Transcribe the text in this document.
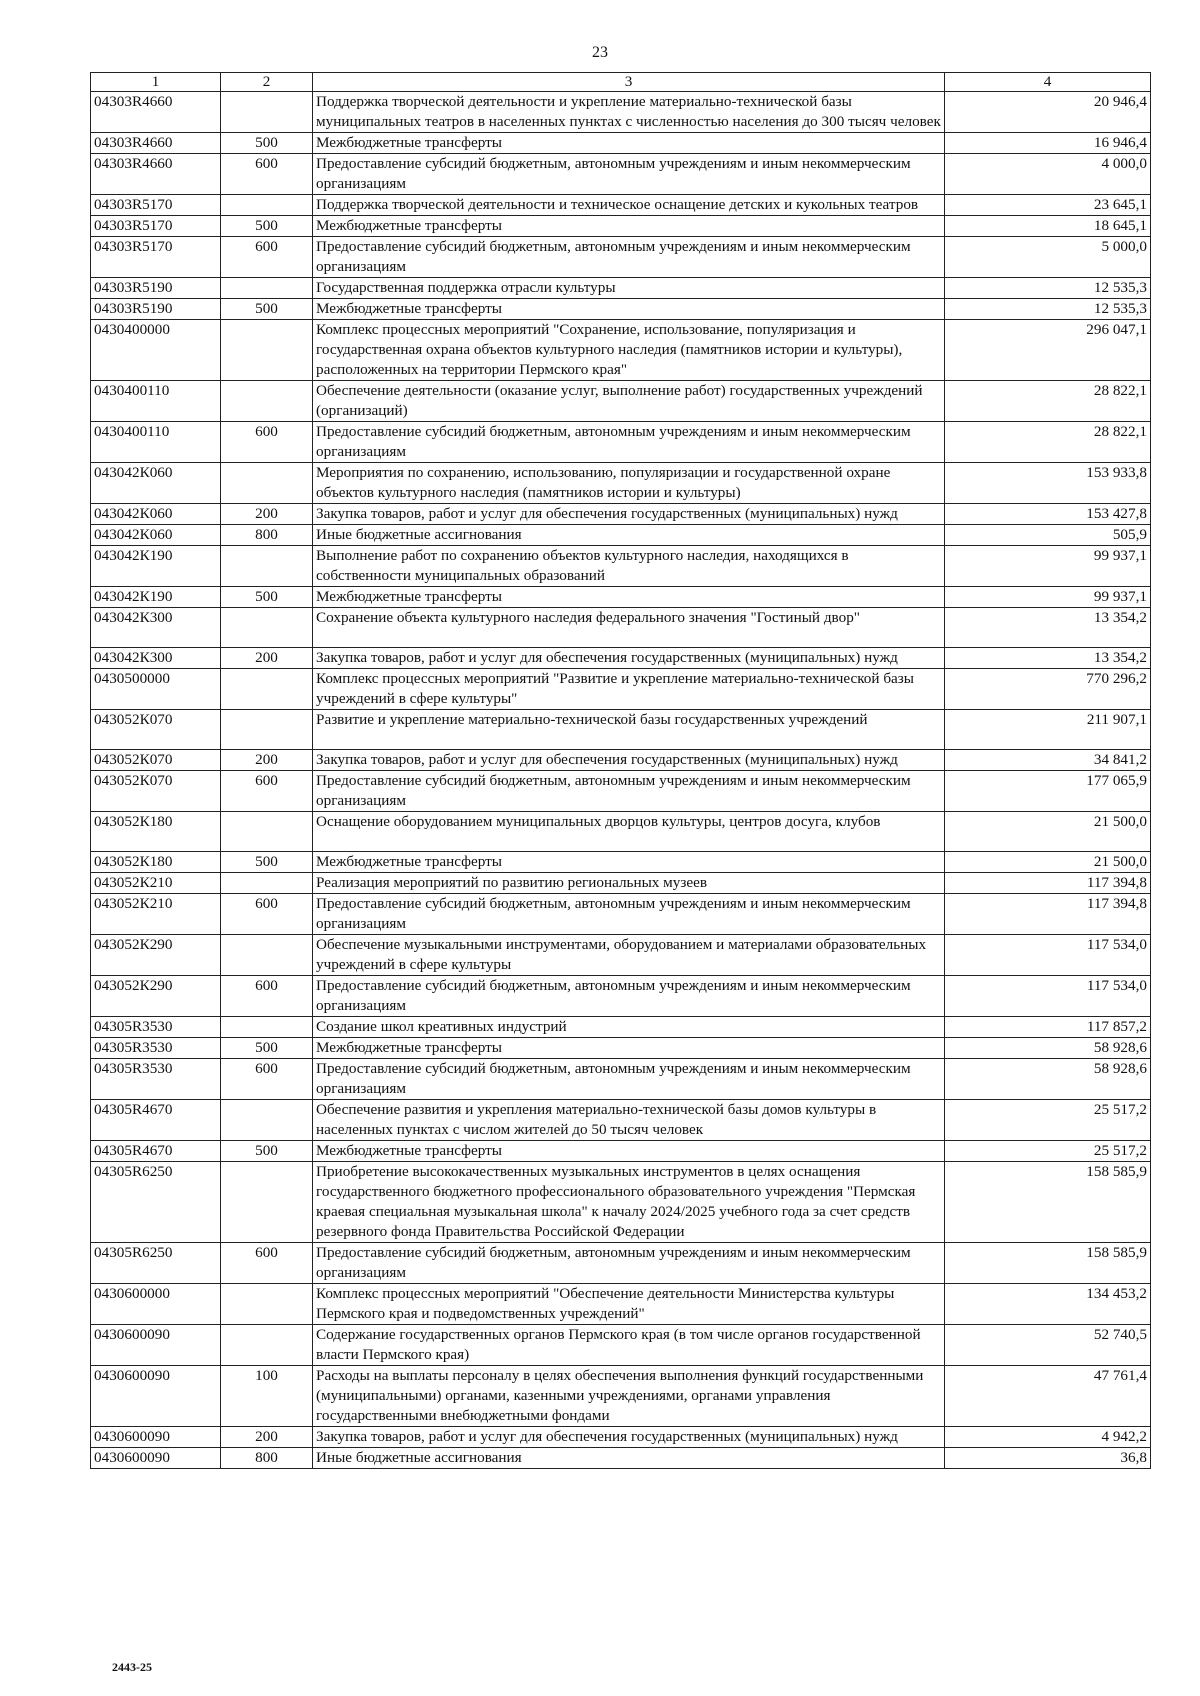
23
1	2	3	4
04303R4660		Поддержка творческой деятельности и укрепление материально-технической базы муниципальных театров в населенных пунктах с численностью населения до 300 тысяч человек	20 946,4
04303R4660	500	Межбюджетные трансферты	16 946,4
04303R4660	600	Предоставление субсидий бюджетным, автономным учреждениям и иным некоммерческим организациям	4 000,0
04303R5170		Поддержка творческой деятельности и техническое оснащение детских и кукольных театров	23 645,1
04303R5170	500	Межбюджетные трансферты	18 645,1
04303R5170	600	Предоставление субсидий бюджетным, автономным учреждениям и иным некоммерческим организациям	5 000,0
04303R5190		Государственная поддержка отрасли культуры	12 535,3
04303R5190	500	Межбюджетные трансферты	12 535,3
0430400000		Комплекс процессных мероприятий "Сохранение, использование, популяризация и государственная охрана объектов культурного наследия (памятников истории и культуры), расположенных на территории Пермского края"	296 047,1
0430400110		Обеспечение деятельности (оказание услуг, выполнение работ) государственных учреждений (организаций)	28 822,1
0430400110	600	Предоставление субсидий бюджетным, автономным учреждениям и иным некоммерческим организациям	28 822,1
043042К060		Мероприятия по сохранению, использованию, популяризации и государственной охране объектов культурного наследия (памятников истории и культуры)	153 933,8
043042К060	200	Закупка товаров, работ и услуг для обеспечения государственных (муниципальных) нужд	153 427,8
043042К060	800	Иные бюджетные ассигнования	505,9
043042К190		Выполнение работ по сохранению объектов культурного наследия, находящихся в собственности муниципальных образований	99 937,1
043042К190	500	Межбюджетные трансферты	99 937,1
043042К300		Сохранение объекта культурного наследия федерального значения "Гостиный двор"	13 354,2
043042К300	200	Закупка товаров, работ и услуг для обеспечения государственных (муниципальных) нужд	13 354,2
0430500000		Комплекс процессных мероприятий "Развитие и укрепление материально-технической базы учреждений в сфере культуры"	770 296,2
043052К070		Развитие и укрепление материально-технической базы государственных учреждений	211 907,1
043052К070	200	Закупка товаров, работ и услуг для обеспечения государственных (муниципальных) нужд	34 841,2
043052К070	600	Предоставление субсидий бюджетным, автономным учреждениям и иным некоммерческим организациям	177 065,9
043052К180		Оснащение оборудованием муниципальных дворцов культуры, центров досуга, клубов	21 500,0
043052К180	500	Межбюджетные трансферты	21 500,0
043052К210		Реализация мероприятий по развитию региональных музеев	117 394,8
043052К210	600	Предоставление субсидий бюджетным, автономным учреждениям и иным некоммерческим организациям	117 394,8
043052К290		Обеспечение музыкальными инструментами, оборудованием и материалами образовательных учреждений в сфере культуры	117 534,0
043052К290	600	Предоставление субсидий бюджетным, автономным учреждениям и иным некоммерческим организациям	117 534,0
04305R3530		Создание школ креативных индустрий	117 857,2
04305R3530	500	Межбюджетные трансферты	58 928,6
04305R3530	600	Предоставление субсидий бюджетным, автономным учреждениям и иным некоммерческим организациям	58 928,6
04305R4670		Обеспечение развития и укрепления материально-технической базы домов культуры в населенных пунктах с числом жителей до 50 тысяч человек	25 517,2
04305R4670	500	Межбюджетные трансферты	25 517,2
04305R6250		Приобретение высококачественных музыкальных инструментов в целях оснащения государственного бюджетного профессионального образовательного учреждения "Пермская краевая специальная музыкальная школа" к началу 2024/2025 учебного года за счет средств резервного фонда Правительства Российской Федерации	158 585,9
04305R6250	600	Предоставление субсидий бюджетным, автономным учреждениям и иным некоммерческим организациям	158 585,9
0430600000		Комплекс процессных мероприятий "Обеспечение деятельности Министерства культуры Пермского края и подведомственных учреждений"	134 453,2
0430600090		Содержание государственных органов Пермского края (в том числе органов государственной власти Пермского края)	52 740,5
0430600090	100	Расходы на выплаты персоналу в целях обеспечения выполнения функций государственными (муниципальными) органами, казенными учреждениями, органами управления государственными внебюджетными фондами	47 761,4
0430600090	200	Закупка товаров, работ и услуг для обеспечения государственных (муниципальных) нужд	4 942,2
0430600090	800	Иные бюджетные ассигнования	36,8
2443-25
